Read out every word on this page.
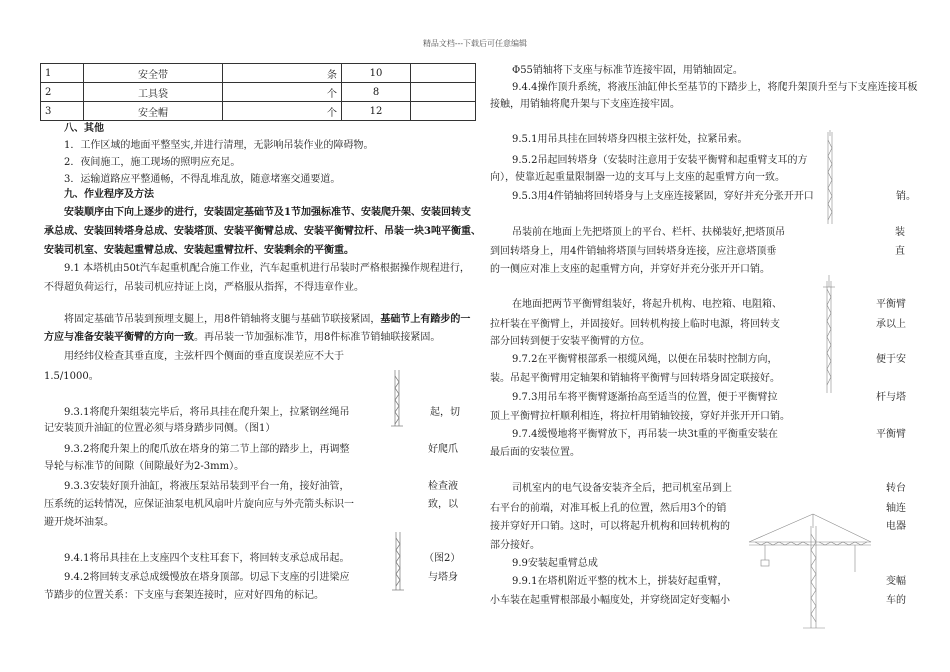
精品文档---下载后可任意编辑
1	安全带	条	10	
2	工具袋	个	8	
3	安全帽	个	12	
八、其他
1．工作区域的地面平整坚实,并进行清理，无影响吊装作业的障碍物。
2．夜间施工，施工现场的照明应充足。
3．运输道路应平整通畅，不得乱堆乱放，随意堵塞交通要道。
九、作业程序及方法
安装顺序由下向上逐步的进行，安装固定基础节及1节加强标准节、安装爬升架、安装回转支
承总成、安装回转塔身总成、安装塔顶、安装平衡臂总成、安装平衡臂拉杆、吊装一块3吨平衡重、
安装司机室、安装起重臂总成、安装起重臂拉杆、安装剩余的平衡重。
9.1 本塔机由50t汽车起重机配合施工作业，汽车起重机进行吊装时严格根据操作规程进行，
不得超负荷运行，吊装司机应持证上岗，严格服从指挥，不得违章作业。
将固定基础节吊装到预埋支腿上，用8件销轴将支腿与基础节联接紧固，基础节上有踏步的一
方应与准备安装平衡臂的方向一致。再吊装一节加强标准节，用8件标准节销轴联接紧固。
用经纬仪检查其垂直度，主弦杆四个侧面的垂直度误差应不大于
1.5/1000。
9.3.1将爬升架组装完毕后，将吊具挂在爬升架上，拉紧钢丝绳吊	起，切
记安装顶升油缸的位置必须与塔身踏步同侧。（图1）
9.3.2将爬升架上的爬爪放在塔身的第二节上部的踏步上，再调整	好爬爪
导轮与标准节的间隙（间隙最好为2-3mm）。
9.3.3安装好顶升油缸，将液压泵站吊装到平台一角，接好油管，	检查液
压系统的运转情况，应保证油泵电机风扇叶片旋向应与外壳箭头标识一	致，以
避开烧坏油泵。
9.4.1将吊具挂在上支座四个支柱耳套下，将回转支承总成吊起。	（图2）
9.4.2将回转支承总成缓慢放在塔身顶部。切忌下支座的引进梁应	与塔身
节踏步的位置关系：下支座与套架连接时，应对好四角的标记。
Φ55销轴将下支座与标准节连接牢固，用销轴固定。
9.4.4操作顶升系统，将液压油缸伸长至基节的下踏步上，将爬升架顶升至与下支座连接耳板
接触，用销轴将爬升架与下支座连接牢固。
9.5.1用吊具挂在回转塔身四根主弦杆处，拉紧吊索。
9.5.2吊起回转塔身（安装时注意用于安装平衡臂和起重臂支耳的方
向），使靠近起重量限制器一边的支耳与上支座的起重臂方向一致。
9.5.3用4件销轴将回转塔身与上支座连接紧固，穿好并充分张开开口	销。
吊装前在地面上先把塔顶上的平台、栏杆、扶梯装好,把塔顶吊	装
到回转塔身上，用4件销轴将塔顶与回转塔身连接，应注意塔顶垂	直
的一侧应对准上支座的起重臂方向，并穿好并充分张开开口销。
在地面把两节平衡臂组装好，将起升机构、电控箱、电阻箱、	平衡臂
拉杆装在平衡臂上，并固接好。回转机构接上临时电源，将回转支	承以上
部分回转到便于安装平衡臂的方位。
9.7.2在平衡臂根部系一根缆风绳，以便在吊装时控制方向，	便于安
装。吊起平衡臂用定轴架和销轴将平衡臂与回转塔身固定联接好。
9.7.3用吊车将平衡臂逐渐抬高至适当的位置，便于平衡臂拉	杆与塔
顶上平衡臂拉杆顺利相连，将拉杆用销轴铰接，穿好并张开开口销。
9.7.4缓慢地将平衡臂放下，再吊装一块3t重的平衡重安装在	平衡臂
最后面的安装位置。
司机室内的电气设备安装齐全后，把司机室吊到上	转台
右平台的前端，对准耳板上孔的位置，然后用3个的销	轴连
接并穿好开口销。这时，可以将起升机构和回转机构的	电器
部分接好。
9.9安装起重臂总成
9.9.1在塔机附近平整的枕木上，拼装好起重臂，	变幅
小车装在起重臂根部最小幅度处，并穿绕固定好变幅小	车的
